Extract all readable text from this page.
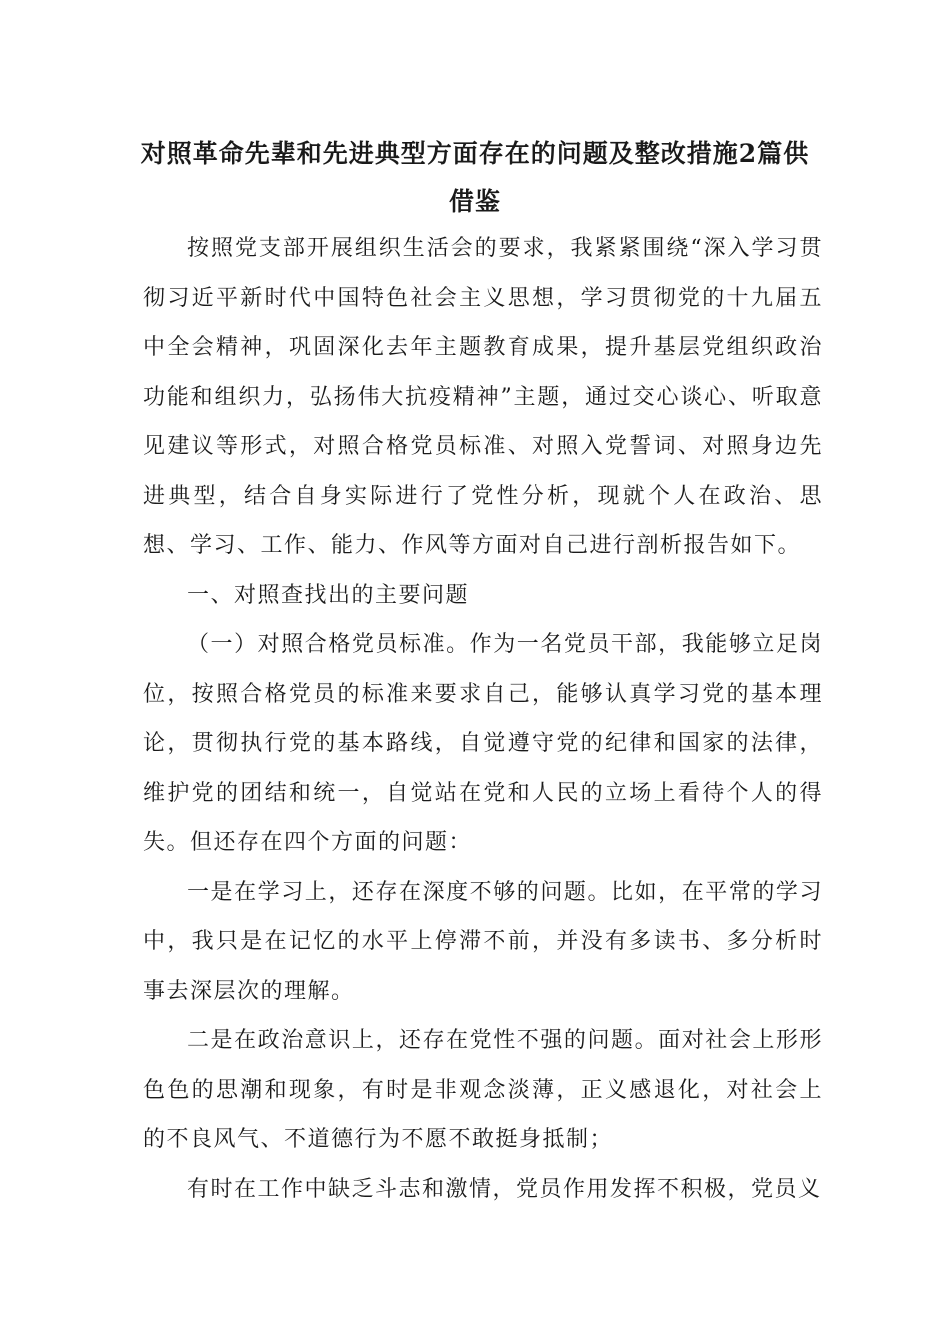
对照革命先辈和先进典型方面存在的问题及整改措施2篇供借鉴

按照党支部开展组织生活会的要求，我紧紧围绕“深入学习贯彻习近平新时代中国特色社会主义思想，学习贯彻党的十九届五中全会精神，巩固深化去年主题教育成果，提升基层党组织政治功能和组织力，弘扬伟大抗疫精神”主题，通过交心谈心、听取意见建议等形式，对照合格党员标准、对照入党誓词、对照身边先进典型，结合自身实际进行了党性分析，现就个人在政治、思想、学习、工作、能力、作风等方面对自己进行剖析报告如下。

一、对照查找出的主要问题

（一）对照合格党员标准。作为一名党员干部，我能够立足岗位，按照合格党员的标准来要求自己，能够认真学习党的基本理论，贯彻执行党的基本路线，自觉遵守党的纪律和国家的法律，维护党的团结和统一，自觉站在党和人民的立场上看待个人的得失。但还存在四个方面的问题：

一是在学习上，还存在深度不够的问题。比如，在平常的学习中，我只是在记忆的水平上停滞不前，并没有多读书、多分析时事去深层次的理解。

二是在政治意识上，还存在党性不强的问题。面对社会上形形色色的思潮和现象，有时是非观念淡薄，正义感退化，对社会上的不良风气、不道德行为不愿不敢挺身抵制；

有时在工作中缺乏斗志和激情，党员作用发挥不积极，党员义
